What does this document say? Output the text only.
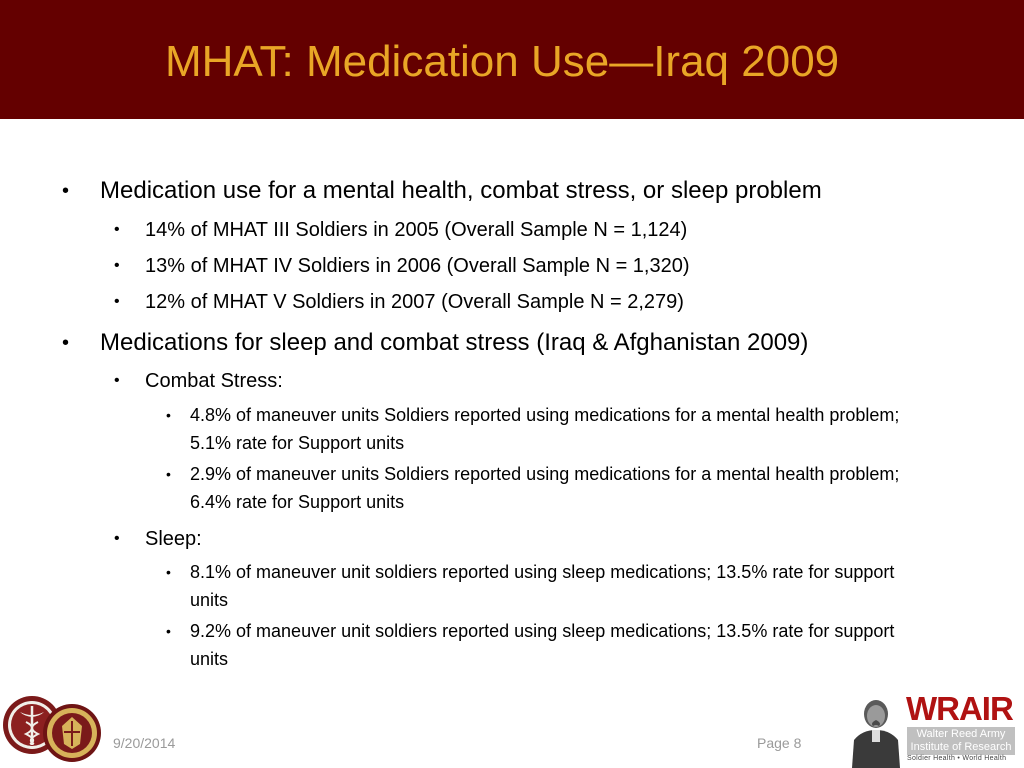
MHAT: Medication Use—Iraq 2009
• Medication use for a mental health, combat stress, or sleep problem
• 14% of MHAT III Soldiers in 2005 (Overall Sample N = 1,124)
• 13% of MHAT IV Soldiers in 2006 (Overall Sample N = 1,320)
• 12% of MHAT V Soldiers in 2007 (Overall Sample N = 2,279)
• Medications for sleep and combat stress (Iraq & Afghanistan 2009)
• Combat Stress:
• 4.8% of maneuver units Soldiers reported using medications for a mental health problem; 5.1% rate for Support units
• 2.9% of maneuver units Soldiers reported using medications for a mental health problem; 6.4% rate for Support units
• Sleep:
• 8.1% of maneuver unit soldiers reported using sleep medications; 13.5% rate for support units
• 9.2% of maneuver unit soldiers reported using sleep medications; 13.5% rate for support units
9/20/2014	Page 8
WRAIR
Walter Reed Army Institute of Research
Soldier Health • World Health
